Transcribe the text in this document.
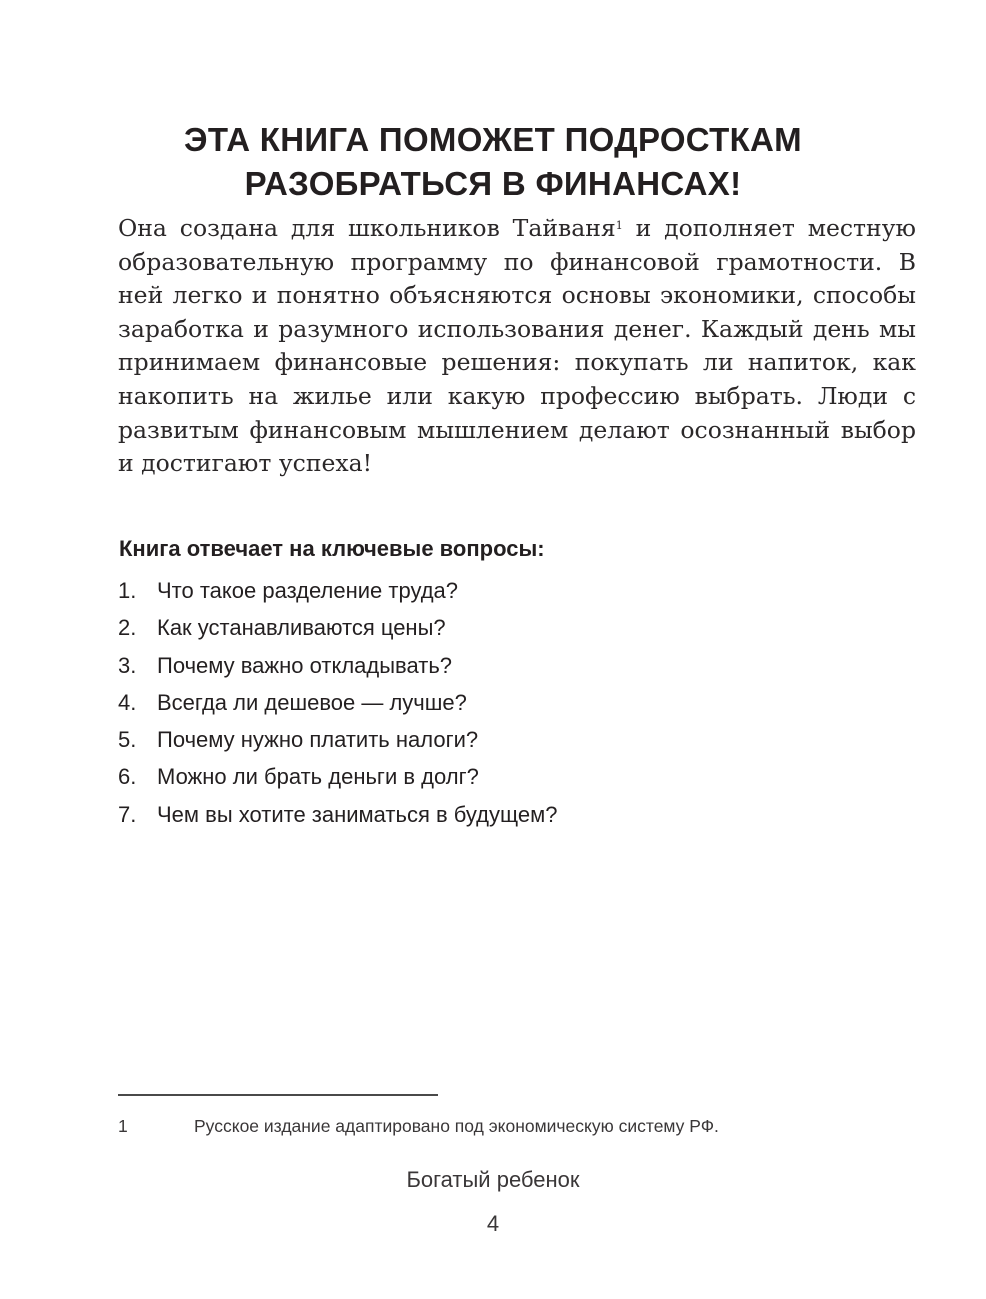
ЭТА КНИГА ПОМОЖЕТ ПОДРОСТКАМ
РАЗОБРАТЬСЯ В ФИНАНСАХ!

Она создана для школьников Тайваня$^1$ и дополняет местную образовательную программу по финансовой грамотности. В ней легко и понятно объясняются основы экономики, способы заработка и разумного использования денег. Каждый день мы принимаем финансовые решения: покупать ли напиток, как накопить на жилье или какую профессию выбрать. Люди с развитым финансовым мышлением делают осознанный выбор и достигают успеха!

Книга отвечает на ключевые вопросы:
1. Что такое разделение труда?
2. Как устанавливаются цены?
3. Почему важно откладывать?
4. Всегда ли дешевое — лучше?
5. Почему нужно платить налоги?
6. Можно ли брать деньги в долг?
7. Чем вы хотите заниматься в будущем?
1	Русское издание адаптировано под экономическую систему РФ.
Богатый ребенок
4
